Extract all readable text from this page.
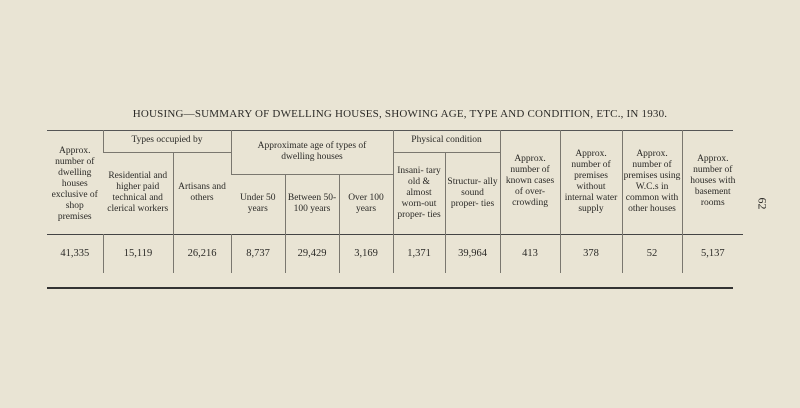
HOUSING—SUMMARY OF DWELLING HOUSES, SHOWING AGE, TYPE AND CONDITION, ETC., IN 1930.
62
Approx. number of dwelling houses exclusive of shop premises	Types occupied by		Approximate age of types of dwelling houses			Physical condition		Approx. number of known cases of over- crowding	Approx. number of premises without internal water supply	Approx. number of premises using W.C.s in common with other houses	Approx. number of houses with basement rooms
	Residential and higher paid technical and clerical workers	Artisans and others				Insani- tary old & almost worn-out proper- ties	Structur- ally sound proper- ties				
			Under 50 years	Between 50-100 years	Over 100 years						
41,335	15,119	26,216	8,737	29,429	3,169	1,371	39,964	413	378	52	5,137
